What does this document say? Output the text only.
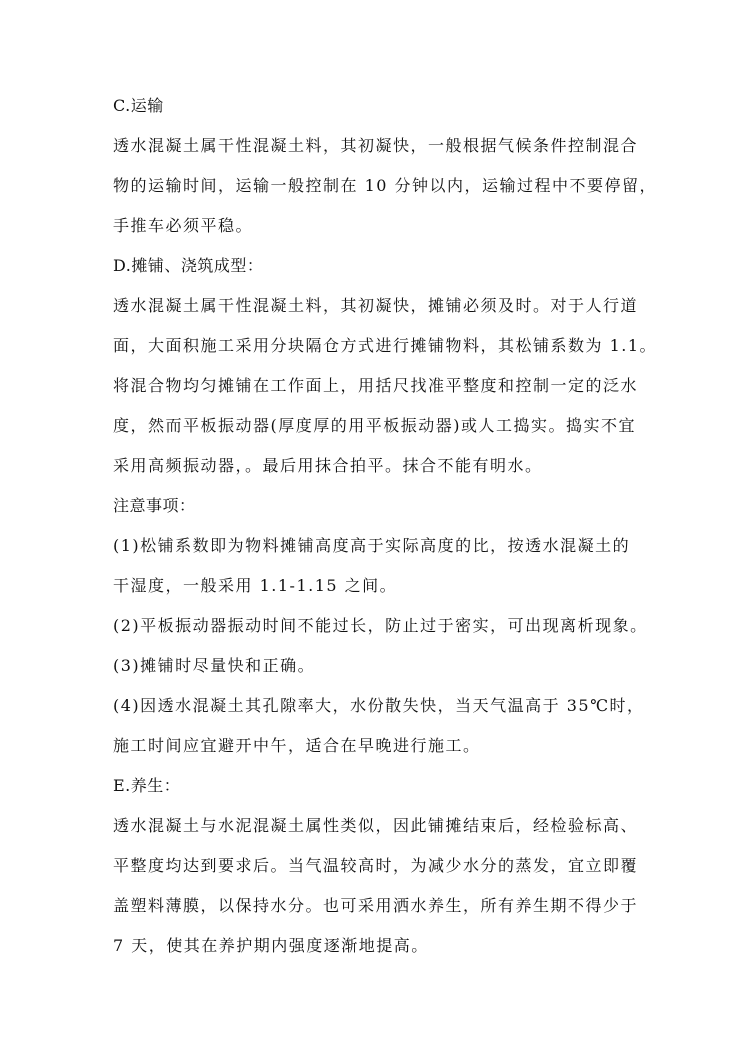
C.运输
透水混凝土属干性混凝土料，其初凝快，一般根据气候条件控制混合
物的运输时间，运输一般控制在 10 分钟以内，运输过程中不要停留，
手推车必须平稳。
D.摊铺、浇筑成型：
透水混凝土属干性混凝土料，其初凝快，摊铺必须及时。对于人行道
面，大面积施工采用分块隔仓方式进行摊铺物料，其松铺系数为 1.1。
将混合物均匀摊铺在工作面上，用括尺找准平整度和控制一定的泛水
度，然而平板振动器(厚度厚的用平板振动器)或人工捣实。捣实不宜
采用高频振动器，。最后用抹合拍平。抹合不能有明水。
注意事项：
(1)松铺系数即为物料摊铺高度高于实际高度的比，按透水混凝土的
干湿度，一般采用 1.1-1.15 之间。
(2)平板振动器振动时间不能过长，防止过于密实，可出现离析现象。
(3)摊铺时尽量快和正确。
(4)因透水混凝土其孔隙率大，水份散失快，当天气温高于 35℃时，
施工时间应宜避开中午，适合在早晚进行施工。
E.养生：
透水混凝土与水泥混凝土属性类似，因此铺摊结束后，经检验标高、
平整度均达到要求后。当气温较高时，为减少水分的蒸发，宜立即覆
盖塑料薄膜，以保持水分。也可采用洒水养生，所有养生期不得少于
7 天，使其在养护期内强度逐渐地提高。
